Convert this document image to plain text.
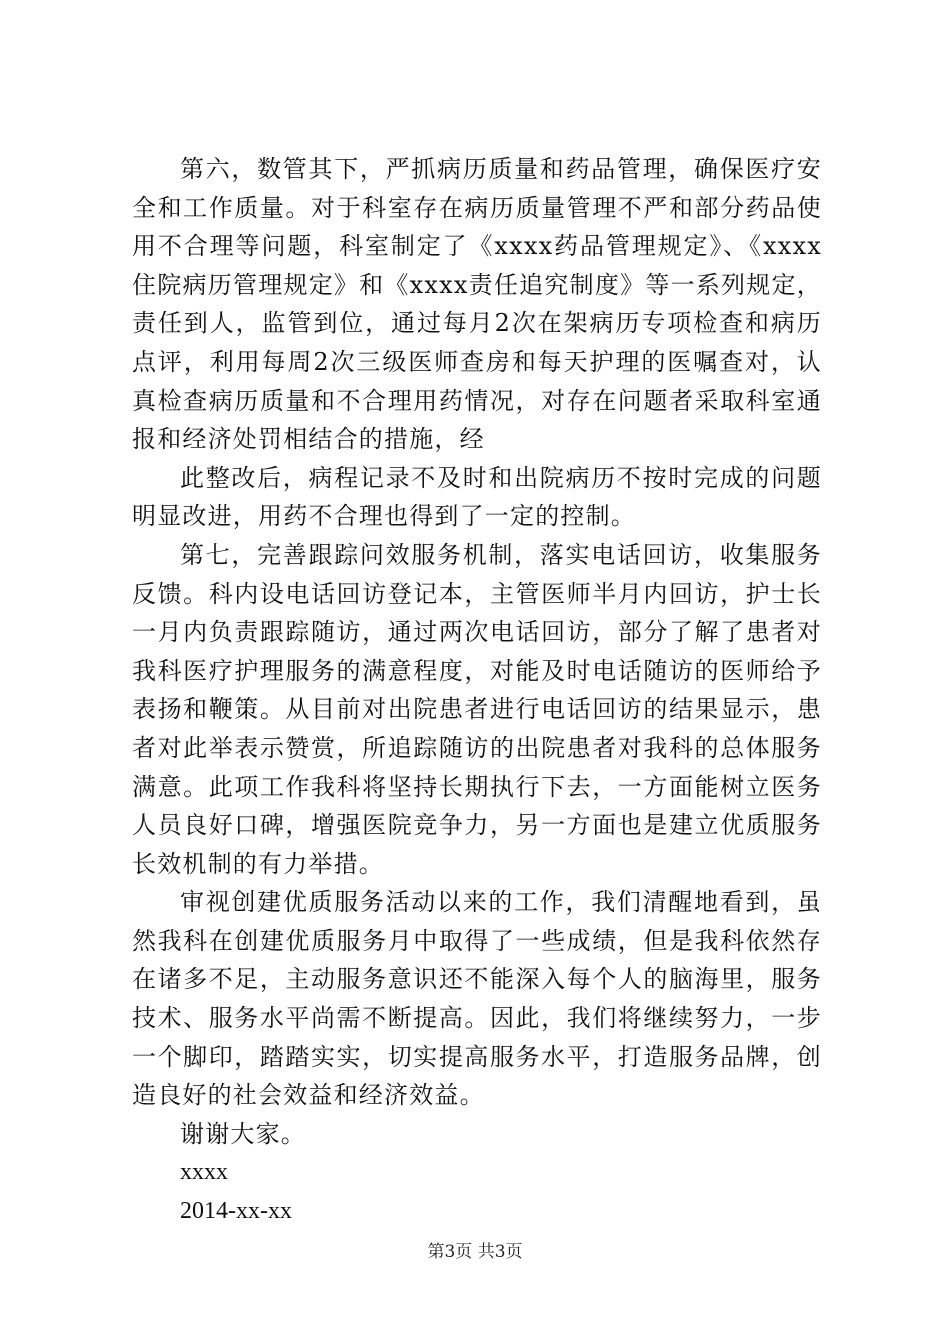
第六，数管其下，严抓病历质量和药品管理，确保医疗安全和工作质量。对于科室存在病历质量管理不严和部分药品使用不合理等问题，科室制定了《xxxx药品管理规定》、《xxxx住院病历管理规定》和《xxxx责任追究制度》等一系列规定，责任到人，监管到位，通过每月2次在架病历专项检查和病历点评，利用每周2次三级医师查房和每天护理的医嘱查对，认真检查病历质量和不合理用药情况，对存在问题者采取科室通报和经济处罚相结合的措施，经

此整改后，病程记录不及时和出院病历不按时完成的问题明显改进，用药不合理也得到了一定的控制。

第七，完善跟踪问效服务机制，落实电话回访，收集服务反馈。科内设电话回访登记本，主管医师半月内回访，护士长一月内负责跟踪随访，通过两次电话回访，部分了解了患者对我科医疗护理服务的满意程度，对能及时电话随访的医师给予表扬和鞭策。从目前对出院患者进行电话回访的结果显示，患者对此举表示赞赏，所追踪随访的出院患者对我科的总体服务满意。此项工作我科将坚持长期执行下去，一方面能树立医务人员良好口碑，增强医院竞争力，另一方面也是建立优质服务长效机制的有力举措。

审视创建优质服务活动以来的工作，我们清醒地看到，虽然我科在创建优质服务月中取得了一些成绩，但是我科依然存在诸多不足，主动服务意识还不能深入每个人的脑海里，服务技术、服务水平尚需不断提高。因此，我们将继续努力，一步一个脚印，踏踏实实，切实提高服务水平，打造服务品牌，创造良好的社会效益和经济效益。

谢谢大家。

xxxx

2014-xx-xx

第3页 共3页
